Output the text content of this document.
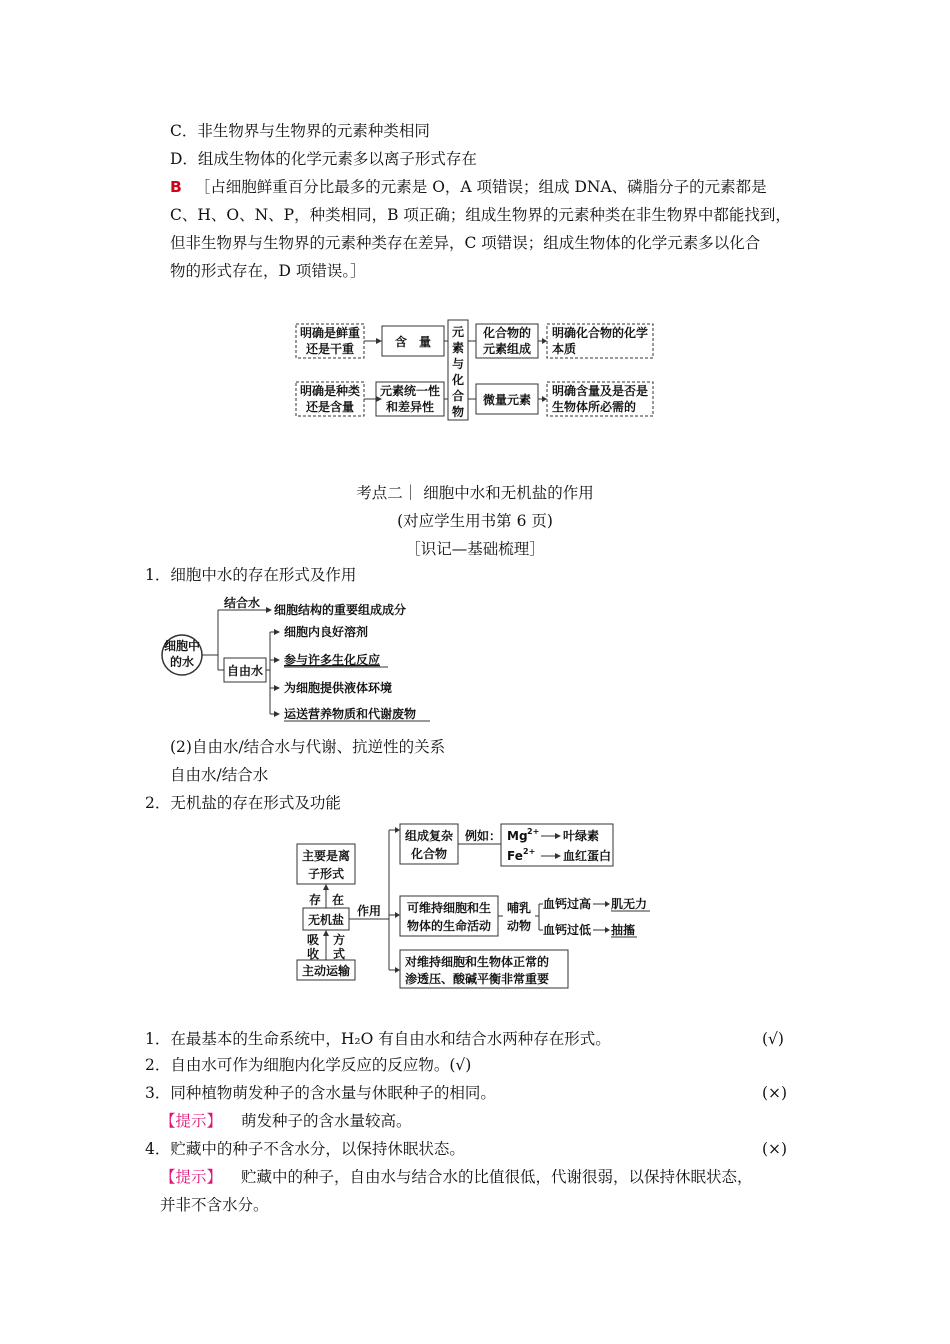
C．非生物界与生物界的元素种类相同
D．组成生物体的化学元素多以离子形式存在
B ［占细胞鲜重百分比最多的元素是 O，A 项错误；组成 DNA、磷脂分子的元素都是
C、H、O、N、P，种类相同，B 项正确；组成生物界的元素种类在非生物界中都能找到，
但非生物界与生物界的元素种类存在差异，C 项错误；组成生物体的化学元素多以化合
物的形式存在，D 项错误。］
明确是鲜重
还是干重
明确是种类
还是含量
含　量
元素统一性
和差异性
元
素
与
化
合
物
化合物的
元素组成
微量元素
明确化合物的化学
本质
明确含量及是否是
生物体所必需的
考点二｜ 细胞中水和无机盐的作用
(对应学生用书第 6 页)
［识记—基础梳理］
1．细胞中水的存在形式及作用
细胞中
的水
结合水 细胞结构的重要组成成分
自由水
细胞内良好溶剂
参与许多生化反应
为细胞提供液体环境
运送营养物质和代谢废物
(2)自由水/结合水与代谢、抗逆性的关系
自由水/结合水
2．无机盐的存在形式及功能
主要是离
子形式
存 在
无机盐
吸
收
方
式
主动运输
作用
组成复杂
化合物
例如： Mg 2+ 叶绿素
Fe 2+ 血红蛋白
可维持细胞和生
物体的生命活动
哺乳
动物
血钙过高 肌无力
血钙过低 抽搐
对维持细胞和生物体正常的
渗透压、酸碱平衡非常重要
1．在最基本的生命系统中，H₂O 有自由水和结合水两种存在形式。	(√)
2．自由水可作为细胞内化学反应的反应物。(√)
3．同种植物萌发种子的含水量与休眠种子的相同。	(×)
【提示】 萌发种子的含水量较高。
4．贮藏中的种子不含水分，以保持休眠状态。	(×)
【提示】 贮藏中的种子，自由水与结合水的比值很低，代谢很弱，以保持休眠状态，
并非不含水分。
